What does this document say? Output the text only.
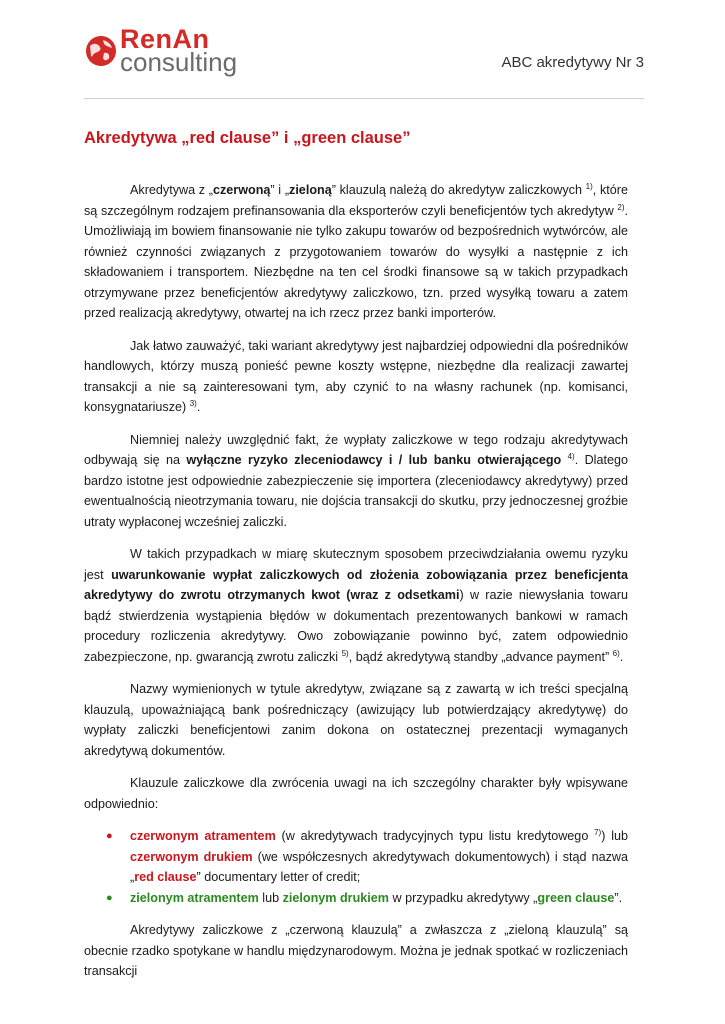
RenAn
consulting	ABC akredytywy Nr 3
Akredytywa „red clause” i „green clause”

Akredytywa z „czerwoną” i „zieloną” klauzulą należą do akredytyw zaliczkowych $^{1)}$, które są szczególnym rodzajem prefinansowania dla eksporterów czyli beneficjentów tych akredytyw $^{2)}$. Umożliwiają im bowiem finansowanie nie tylko zakupu towarów od bezpośrednich wytwórców, ale również czynności związanych z przygotowaniem towarów do wysyłki a następnie z ich składowaniem i transportem. Niezbędne na ten cel środki finansowe są w takich przypadkach otrzymywane przez beneficjentów akredytywy zaliczkowo, tzn. przed wysyłką towaru a zatem przed realizacją akredytywy, otwartej na ich rzecz przez banki importerów.

Jak łatwo zauważyć, taki wariant akredytywy jest najbardziej odpowiedni dla pośredników handlowych, którzy muszą ponieść pewne koszty wstępne, niezbędne dla realizacji zawartej transakcji a nie są zainteresowani tym, aby czynić to na własny rachunek (np. komisanci, konsygnatariusze) $^{3)}$.

Niemniej należy uwzględnić fakt, że wypłaty zaliczkowe w tego rodzaju akredytywach odbywają się na wyłączne ryzyko zleceniodawcy i / lub banku otwierającego $^{4)}$. Dlatego bardzo istotne jest odpowiednie zabezpieczenie się importera (zleceniodawcy akredytywy) przed ewentualnością nieotrzymania towaru, nie dojścia transakcji do skutku, przy jednoczesnej groźbie utraty wypłaconej wcześniej zaliczki.

W takich przypadkach w miarę skutecznym sposobem przeciwdziałania owemu ryzyku jest uwarunkowanie wypłat zaliczkowych od złożenia zobowiązania przez beneficjenta akredytywy do zwrotu otrzymanych kwot (wraz z odsetkami) w razie niewysłania towaru bądź stwierdzenia wystąpienia błędów w dokumentach prezentowanych bankowi w ramach procedury rozliczenia akredytywy. Owo zobowiązanie powinno być, zatem odpowiednio zabezpieczone, np. gwarancją zwrotu zaliczki $^{5)}$, bądź akredytywą standby „advance payment” $^{6)}$.

Nazwy wymienionych w tytule akredytyw, związane są z zawartą w ich treści specjalną klauzulą, upoważniającą bank pośredniczący (awizujący lub potwierdzający akredytywę) do wypłaty zaliczki beneficjentowi zanim dokona on ostatecznej prezentacji wymaganych akredytywą dokumentów.

Klauzule zaliczkowe dla zwrócenia uwagi na ich szczególny charakter były wpisywane odpowiednio:

● czerwonym atramentem (w akredytywach tradycyjnych typu listu kredytowego $^{7)}$) lub czerwonym drukiem (we współczesnych akredytywach dokumentowych) i stąd nazwa „red clause” documentary letter of credit;
● zielonym atramentem lub zielonym drukiem w przypadku akredytywy „green clause”.

Akredytywy zaliczkowe z „czerwoną klauzulą” a zwłaszcza z „zieloną klauzulą” są obecnie rzadko spotykane w handlu międzynarodowym. Można je jednak spotkać w rozliczeniach transakcji
